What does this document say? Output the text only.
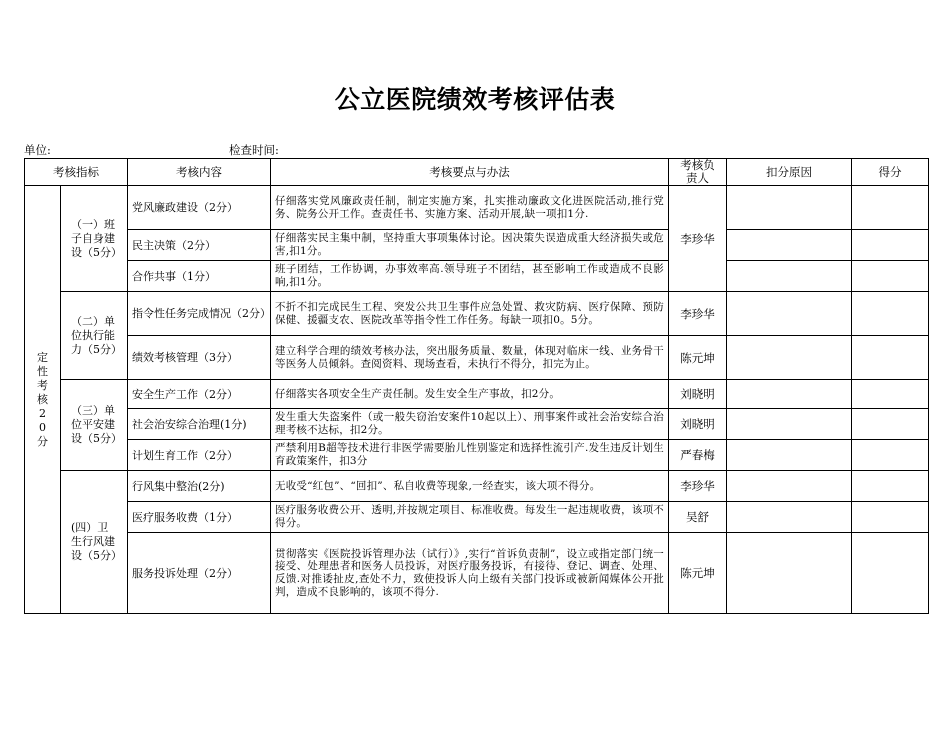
公立医院绩效考核评估表
单位:	检查时间:
考核指标		考核内容	考核要点与办法	考核负责人	扣分原因	得分
定性考核20分	（一）班子自身建设（5分）	党风廉政建设（2分）	仔细落实党风廉政责任制，制定实施方案，扎实推动廉政文化进医院活动,推行党务、院务公开工作。查责任书、实施方案、活动开展,缺一项扣1分.	李珍华		
		民主决策（2分）	仔细落实民主集中制，坚持重大事项集体讨论。因决策失误造成重大经济损失或危害,扣1分。			
		合作共事（1分）	班子团结，工作协调，办事效率高.领导班子不团结，甚至影响工作或造成不良影响,扣1分。			

	（二）单位执行能力（5分）	指令性任务完成情况（2分）	不折不扣完成民生工程、突发公共卫生事件应急处置、救灾防病、医疗保障、预防保健、援疆支农、医院改革等指令性工作任务。每缺一项扣0。5分。	李珍华		
		绩效考核管理（3分）	建立科学合理的绩效考核办法，突出服务质量、数量，体现对临床一线、业务骨干等医务人员倾斜。查阅资料、现场查看，未执行不得分，扣完为止。	陈元坤		

	（三）单位平安建设（5分）	安全生产工作（2分）	仔细落实各项安全生产责任制。发生安全生产事故，扣2分。	刘晓明		
		社会治安综合治理(1分)	发生重大失盗案件（或一般失窃治安案件10起以上）、刑事案件或社会治安综合治理考核不达标，扣2分。	刘晓明		
		计划生育工作（2分）	严禁利用B超等技术进行非医学需要胎儿性别鉴定和选择性流引产.发生违反计划生育政策案件，扣3分	严春梅		

	(四）卫生行风建设（5分）	行风集中整治(2分)	无收受“红包”、“回扣”、私自收费等现象,一经查实，该大项不得分。	李珍华		
		医疗服务收费（1分）	医疗服务收费公开、透明,并按规定项目、标准收费。每发生一起违规收费，该项不得分。	吴舒		
		服务投诉处理（2分）	贯彻落实《医院投诉管理办法（试行）》,实行“首诉负责制”，设立或指定部门统一接受、处理患者和医务人员投诉，对医疗服务投诉，有接待、登记、调查、处理、反馈.对推诿扯皮,查处不力，致使投诉人向上级有关部门投诉或被新闻媒体公开批判，造成不良影响的，该项不得分.	陈元坤		
